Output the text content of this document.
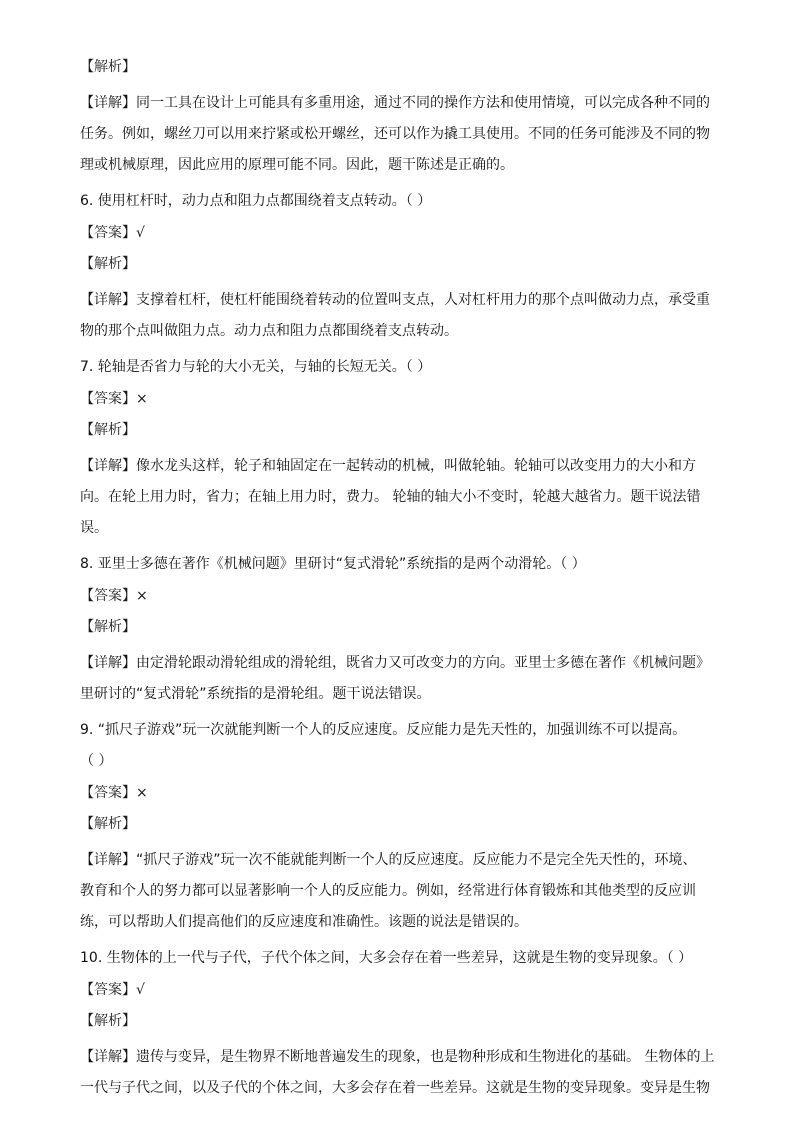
【解析】

【详解】同一工具在设计上可能具有多重用途，通过不同的操作方法和使用情境，可以完成各种不同的

任务。例如，螺丝刀可以用来拧紧或松开螺丝，还可以作为撬工具使用。不同的任务可能涉及不同的物

理或机械原理，因此应用的原理可能不同。因此，题干陈述是正确的。

6. 使用杠杆时，动力点和阻力点都围绕着支点转动。（ ）

【答案】√

【解析】

【详解】支撑着杠杆，使杠杆能围绕着转动的位置叫支点，人对杠杆用力的那个点叫做动力点，承受重

物的那个点叫做阻力点。动力点和阻力点都围绕着支点转动。

7. 轮轴是否省力与轮的大小无关，与轴的长短无关。（ ）

【答案】×

【解析】

【详解】像水龙头这样，轮子和轴固定在一起转动的机械，叫做轮轴。轮轴可以改变用力的大小和方

向。在轮上用力时，省力；在轴上用力时，费力。 轮轴的轴大小不变时，轮越大越省力。题干说法错

误。

8. 亚里士多德在著作《机械问题》里研讨“复式滑轮”系统指的是两个动滑轮。（ ）

【答案】×

【解析】

【详解】由定滑轮跟动滑轮组成的滑轮组，既省力又可改变力的方向。亚里士多德在著作《机械问题》

里研讨的“复式滑轮”系统指的是滑轮组。题干说法错误。

9. “抓尺子游戏”玩一次就能判断一个人的反应速度。反应能力是先天性的，加强训练不可以提高。

（ ）

【答案】×

【解析】

【详解】“抓尺子游戏”玩一次不能就能判断一个人的反应速度。反应能力不是完全先天性的，环境、

教育和个人的努力都可以显著影响一个人的反应能力。例如，经常进行体育锻炼和其他类型的反应训

练，可以帮助人们提高他们的反应速度和准确性。该题的说法是错误的。

10. 生物体的上一代与子代，子代个体之间，大多会存在着一些差异，这就是生物的变异现象。（ ）

【答案】√

【解析】

【详解】遗传与变异，是生物界不断地普遍发生的现象，也是物种形成和生物进化的基础。 生物体的上

一代与子代之间，以及子代的个体之间，大多会存在着一些差异。这就是生物的变异现象。变异是生物
